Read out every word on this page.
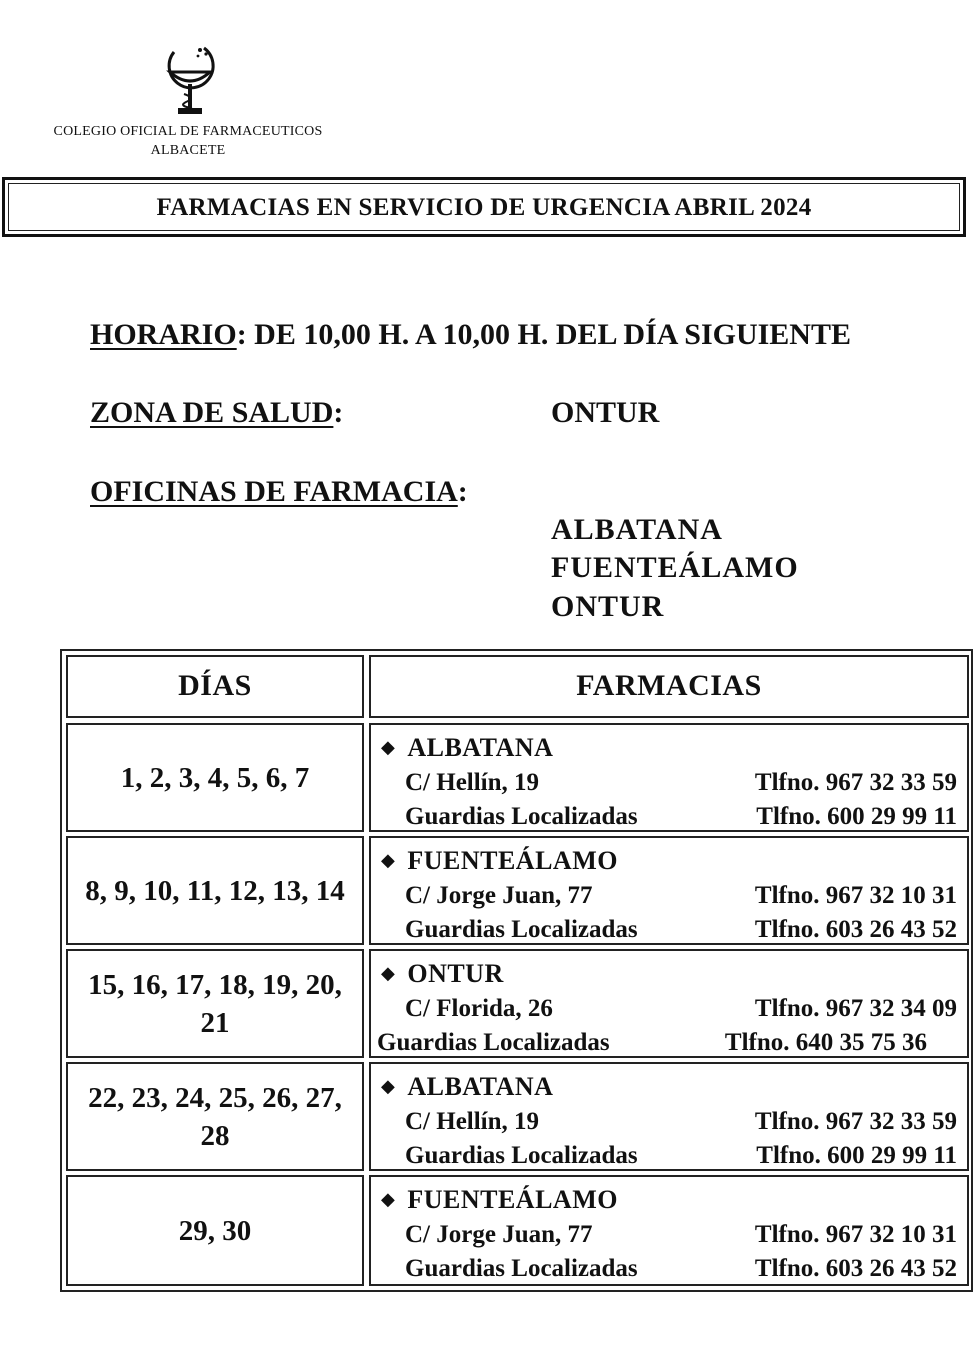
COLEGIO OFICIAL DE FARMACEUTICOS
ALBACETE
FARMACIAS EN SERVICIO DE URGENCIA ABRIL 2024
HORARIO: DE 10,00 H. A 10,00 H. DEL DÍA SIGUIENTE
ZONA DE SALUD:	ONTUR
OFICINAS DE FARMACIA:
ALBATANA
FUENTEÁLAMO
ONTUR
DÍAS	FARMACIAS
1, 2, 3, 4, 5, 6, 7
◆ ALBATANA
C/ Hellín, 19	Tlfno. 967 32 33 59
Guardias Localizadas	Tlfno. 600 29 99 11
8, 9, 10, 11, 12, 13, 14
◆ FUENTEÁLAMO
C/ Jorge Juan, 77	Tlfno. 967 32 10 31
Guardias Localizadas	Tlfno. 603 26 43 52
15, 16, 17, 18, 19, 20, 21
◆ ONTUR
C/ Florida, 26	Tlfno. 967 32 34 09
Guardias Localizadas	Tlfno. 640 35 75 36
22, 23, 24, 25, 26, 27, 28
◆ ALBATANA
C/ Hellín, 19	Tlfno. 967 32 33 59
Guardias Localizadas	Tlfno. 600 29 99 11
29, 30
◆ FUENTEÁLAMO
C/ Jorge Juan, 77	Tlfno. 967 32 10 31
Guardias Localizadas	Tlfno. 603 26 43 52
